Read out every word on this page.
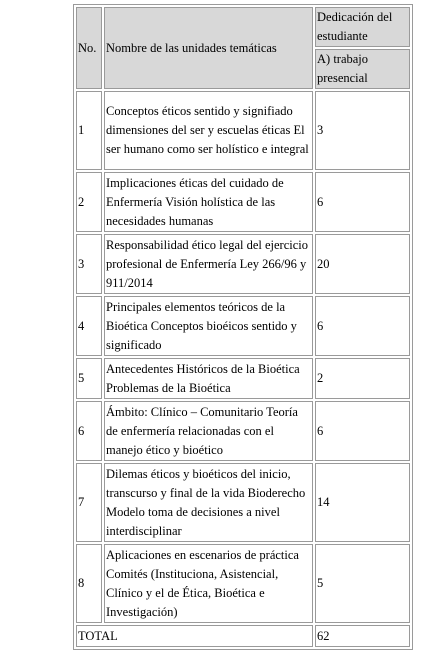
No.	Nombre de las unidades temáticas	Dedicación del estudiante
		A) trabajo presencial
1	Conceptos éticos sentido y signifiado dimensiones del ser y escuelas éticas El ser humano como ser holístico e integral	3
2	Implicaciones éticas del cuidado de Enfermería Visión holística de las necesidades humanas	6
3	Responsabilidad ético legal del ejercicio profesional de Enfermería Ley 266/96 y 911/2014	20
4	Principales elementos teóricos de la Bioética Conceptos bioéicos sentido y significado	6
5	Antecedentes Históricos de la Bioética Problemas de la Bioética	2
6	Ámbito: Clínico – Comunitario Teoría de enfermería relacionadas con el manejo ético y bioético	6
7	Dilemas éticos y bioéticos del inicio, transcurso y final de la vida Bioderecho Modelo toma de decisiones a nivel interdisciplinar	14
8	Aplicaciones en escenarios de práctica Comités (Instituciona, Asistencial, Clínico y el de Ética, Bioética e Investigación)	5
TOTAL		62
